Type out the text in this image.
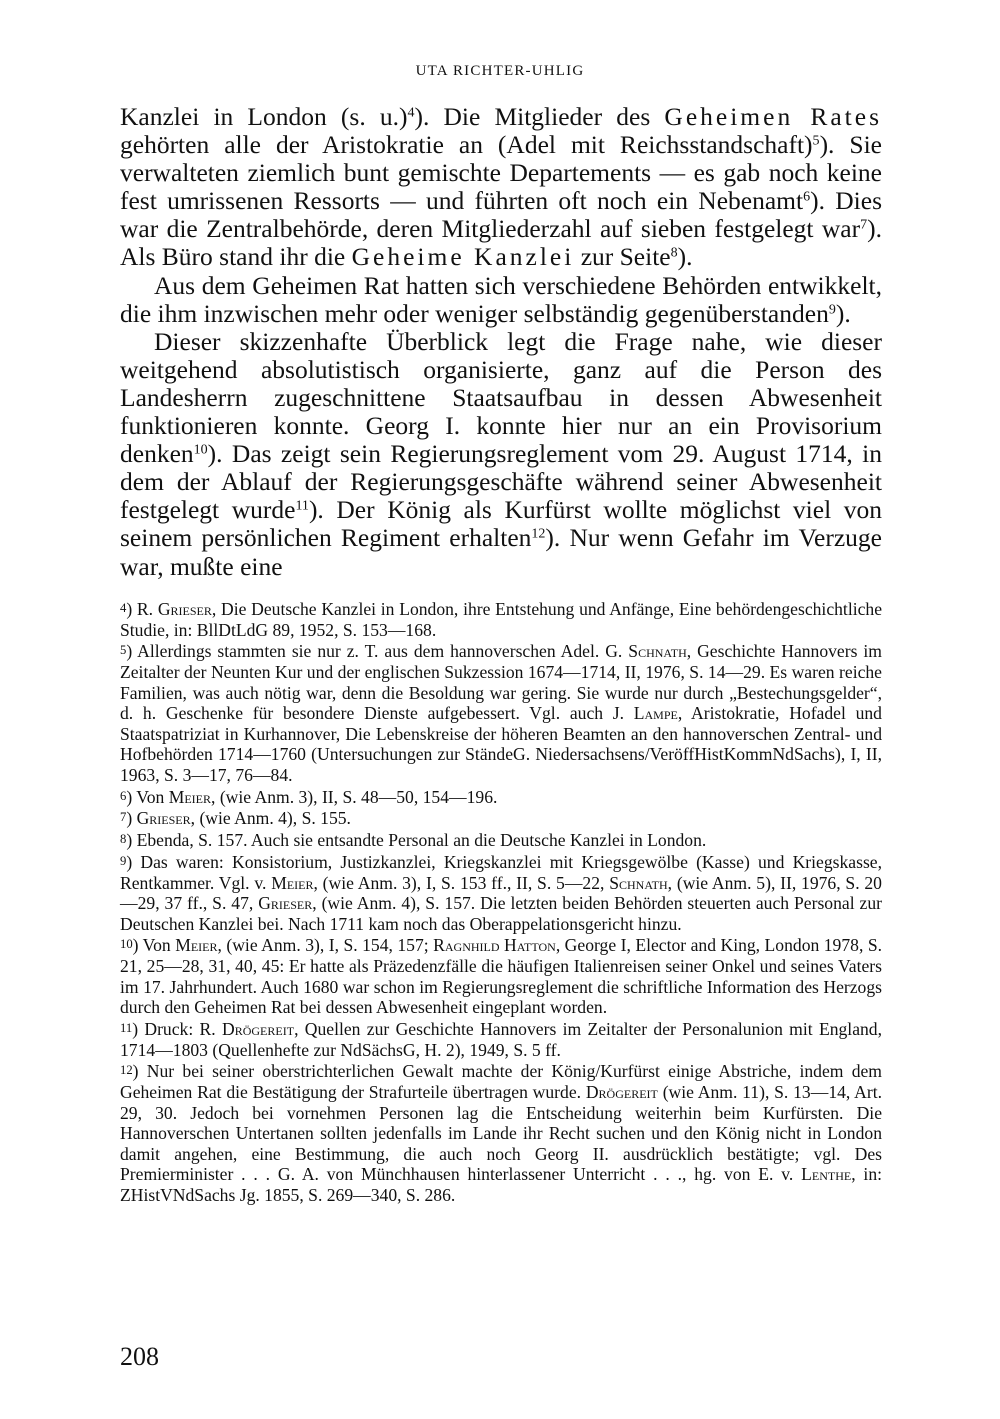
UTA RICHTER-UHLIG

Kanzlei in London (s. u.)$^4$). Die Mitglieder des Geheimen Rates gehörten alle der Aristokratie an (Adel mit Reichsstandschaft)$^5$). Sie verwalteten ziemlich bunt gemischte Departements — es gab noch keine fest umrissenen Ressorts — und führten oft noch ein Nebenamt$^6$). Dies war die Zentralbehörde, deren Mitgliederzahl auf sieben festgelegt war$^7$). Als Büro stand ihr die Geheime Kanzlei zur Seite$^8$).

Aus dem Geheimen Rat hatten sich verschiedene Behörden entwikkelt, die ihm inzwischen mehr oder weniger selbständig gegenüberstanden$^9$).

Dieser skizzenhafte Überblick legt die Frage nahe, wie dieser weitgehend absolutistisch organisierte, ganz auf die Person des Landesherrn zugeschnittene Staatsaufbau in dessen Abwesenheit funktionieren konnte. Georg I. konnte hier nur an ein Provisorium denken$^{10}$). Das zeigt sein Regierungsreglement vom 29. August 1714, in dem der Ablauf der Regierungsgeschäfte während seiner Abwesenheit festgelegt wurde$^{11}$). Der König als Kurfürst wollte möglichst viel von seinem persönlichen Regiment erhalten$^{12}$). Nur wenn Gefahr im Verzuge war, mußte eine

4) R. Grieser, Die Deutsche Kanzlei in London, ihre Entstehung und Anfänge, Eine behördengeschichtliche Studie, in: BllDtLdG 89, 1952, S. 153—168.

5) Allerdings stammten sie nur z. T. aus dem hannoverschen Adel. G. Schnath, Geschichte Hannovers im Zeitalter der Neunten Kur und der englischen Sukzession 1674—1714, II, 1976, S. 14—29. Es waren reiche Familien, was auch nötig war, denn die Besoldung war gering. Sie wurde nur durch „Bestechungsgelder“, d. h. Geschenke für besondere Dienste aufgebessert. Vgl. auch J. Lampe, Aristokratie, Hofadel und Staatspatriziat in Kurhannover, Die Lebenskreise der höheren Beamten an den hannoverschen Zentral- und Hofbehörden 1714—1760 (Untersuchungen zur StändeG. Niedersachsens/VeröffHistKommNdSachs), I, II, 1963, S. 3—17, 76—84.

6) Von Meier, (wie Anm. 3), II, S. 48—50, 154—196.

7) Grieser, (wie Anm. 4), S. 155.

8) Ebenda, S. 157. Auch sie entsandte Personal an die Deutsche Kanzlei in London.

9) Das waren: Konsistorium, Justizkanzlei, Kriegskanzlei mit Kriegsgewölbe (Kasse) und Kriegskasse, Rentkammer. Vgl. v. Meier, (wie Anm. 3), I, S. 153 ff., II, S. 5—22, Schnath, (wie Anm. 5), II, 1976, S. 20—29, 37 ff., S. 47, Grieser, (wie Anm. 4), S. 157. Die letzten beiden Behörden steuerten auch Personal zur Deutschen Kanzlei bei. Nach 1711 kam noch das Oberappelationsgericht hinzu.

10) Von Meier, (wie Anm. 3), I, S. 154, 157; Ragnhild Hatton, George I, Elector and King, London 1978, S. 21, 25—28, 31, 40, 45: Er hatte als Präzedenzfälle die häufigen Italienreisen seiner Onkel und seines Vaters im 17. Jahrhundert. Auch 1680 war schon im Regierungsreglement die schriftliche Information des Herzogs durch den Geheimen Rat bei dessen Abwesenheit eingeplant worden.

11) Druck: R. Drögereit, Quellen zur Geschichte Hannovers im Zeitalter der Personalunion mit England, 1714—1803 (Quellenhefte zur NdSächsG, H. 2), 1949, S. 5 ff.

12) Nur bei seiner oberstrichterlichen Gewalt machte der König/Kurfürst einige Abstriche, indem dem Geheimen Rat die Bestätigung der Strafurteile übertragen wurde. Drögereit (wie Anm. 11), S. 13—14, Art. 29, 30. Jedoch bei vornehmen Personen lag die Entscheidung weiterhin beim Kurfürsten. Die Hannoverschen Untertanen sollten jedenfalls im Lande ihr Recht suchen und den König nicht in London damit angehen, eine Bestimmung, die auch noch Georg II. ausdrücklich bestätigte; vgl. Des Premierminister . . . G. A. von Münchhausen hinterlassener Unterricht . . ., hg. von E. v. Lenthe, in: ZHistVNdSachs Jg. 1855, S. 269—340, S. 286.

208
